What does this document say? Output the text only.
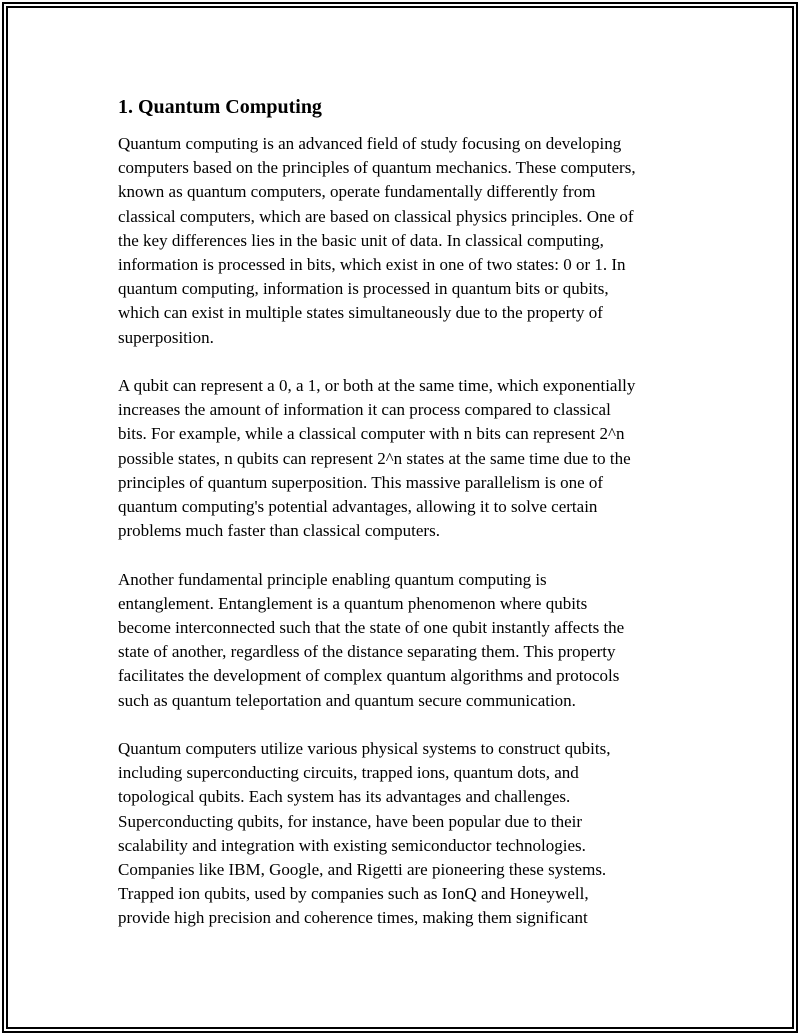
1. Quantum Computing

Quantum computing is an advanced field of study focusing on developing
computers based on the principles of quantum mechanics. These computers,
known as quantum computers, operate fundamentally differently from
classical computers, which are based on classical physics principles. One of
the key differences lies in the basic unit of data. In classical computing,
information is processed in bits, which exist in one of two states: 0 or 1. In
quantum computing, information is processed in quantum bits or qubits,
which can exist in multiple states simultaneously due to the property of
superposition.

A qubit can represent a 0, a 1, or both at the same time, which exponentially
increases the amount of information it can process compared to classical
bits. For example, while a classical computer with n bits can represent 2^n
possible states, n qubits can represent 2^n states at the same time due to the
principles of quantum superposition. This massive parallelism is one of
quantum computing's potential advantages, allowing it to solve certain
problems much faster than classical computers.

Another fundamental principle enabling quantum computing is
entanglement. Entanglement is a quantum phenomenon where qubits
become interconnected such that the state of one qubit instantly affects the
state of another, regardless of the distance separating them. This property
facilitates the development of complex quantum algorithms and protocols
such as quantum teleportation and quantum secure communication.

Quantum computers utilize various physical systems to construct qubits,
including superconducting circuits, trapped ions, quantum dots, and
topological qubits. Each system has its advantages and challenges.
Superconducting qubits, for instance, have been popular due to their
scalability and integration with existing semiconductor technologies.
Companies like IBM, Google, and Rigetti are pioneering these systems.
Trapped ion qubits, used by companies such as IonQ and Honeywell,
provide high precision and coherence times, making them significant
